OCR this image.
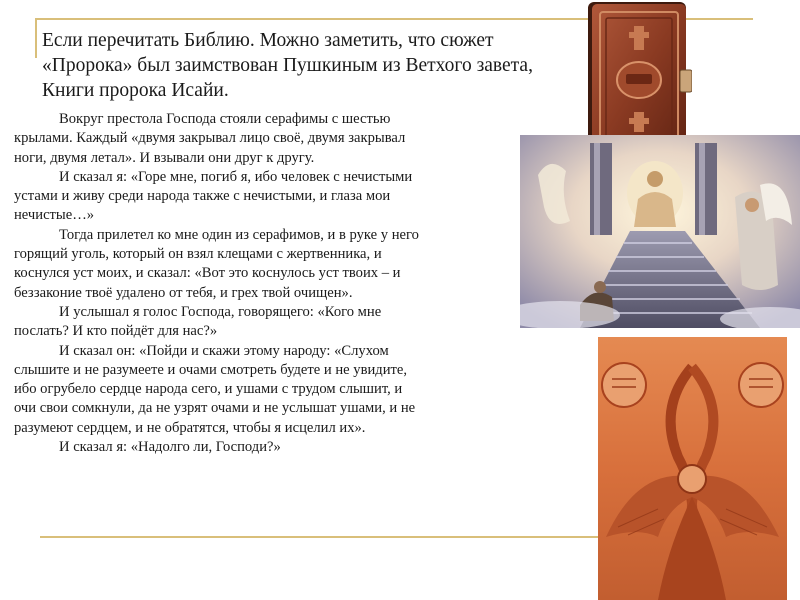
Если перечитать Библию. Можно заметить, что сюжет
«Пророка» был заимствован Пушкиным из Ветхого завета,
Книги пророка Исайи.
Вокруг престола Господа стояли серафимы с шестью
крылами. Каждый «двумя закрывал лицо своё, двумя закрывал
ноги, двумя летал». И взывали они друг к другу.
И сказал я: «Горе мне, погиб я, ибо человек с нечистыми
устами и живу среди народа также с нечистыми, и глаза мои
нечистые…»
Тогда прилетел ко мне один из серафимов, и в руке у него
горящий уголь, который он взял клещами с жертвенника, и
коснулся уст моих, и сказал: «Вот это коснулось уст твоих – и
беззаконие твоё удалено от тебя, и грех твой очищен».
И услышал я голос Господа, говорящего: «Кого мне
послать? И кто пойдёт для нас?»
И сказал он: «Пойди и скажи этому народу: «Слухом
слышите и не разумеете и очами смотреть будете и не увидите,
ибо огрубело сердце народа сего, и ушами с трудом слышит, и
очи свои сомкнули, да не узрят очами и не услышат ушами, и не
разумеют сердцем, и не обратятся, чтобы я исцелил их».
И сказал я: «Надолго ли, Господи?»
